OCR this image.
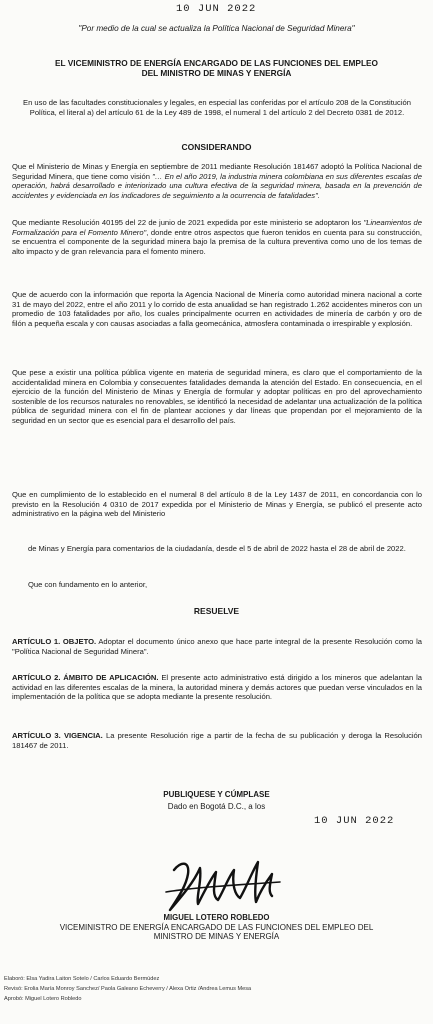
10 JUN 2022
"Por medio de la cual se actualiza la Política Nacional de Seguridad Minera"
EL VICEMINISTRO DE ENERGÍA ENCARGADO DE LAS FUNCIONES DEL EMPLEO
DEL MINISTRO DE MINAS Y ENERGÍA
En uso de las facultades constitucionales y legales, en especial las conferidas por el artículo 208 de la Constitución Política, el literal a) del artículo 61 de la Ley 489 de 1998, el numeral 1 del artículo 2 del Decreto 0381 de 2012.
CONSIDERANDO
Que el Ministerio de Minas y Energía en septiembre de 2011 mediante Resolución 181467 adoptó la Política Nacional de Seguridad Minera, que tiene como visión "… En el año 2019, la industria minera colombiana en sus diferentes escalas de operación, habrá desarrollado e interiorizado una cultura efectiva de la seguridad minera, basada en la prevención de accidentes y evidenciada en los indicadores de seguimiento a la ocurrencia de fatalidades".
Que mediante Resolución 40195 del 22 de junio de 2021 expedida por este ministerio se adoptaron los "Lineamientos de Formalización para el Fomento Minero", donde entre otros aspectos que fueron tenidos en cuenta para su construcción, se encuentra el componente de la seguridad minera bajo la premisa de la cultura preventiva como uno de los temas de alto impacto y de gran relevancia para el fomento minero.
Que de acuerdo con la información que reporta la Agencia Nacional de Minería como autoridad minera nacional a corte 31 de mayo del 2022, entre el año 2011 y lo corrido de esta anualidad se han registrado 1.262 accidentes mineros con un promedio de 103 fatalidades por año, los cuales principalmente ocurren en actividades de minería de carbón y oro de filón a pequeña escala y con causas asociadas a falla geomecánica, atmosfera contaminada o irrespirable y explosión.
Que pese a existir una política pública vigente en materia de seguridad minera, es claro que el comportamiento de la accidentalidad minera en Colombia y consecuentes fatalidades demanda la atención del Estado. En consecuencia, en el ejercicio de la función del Ministerio de Minas y Energía de formular y adoptar políticas en pro del aprovechamiento sostenible de los recursos naturales no renovables, se identificó la necesidad de adelantar una actualización de la política pública de seguridad minera con el fin de plantear acciones y dar líneas que propendan por el mejoramiento de la seguridad en un sector que es esencial para el desarrollo del país.
Que en cumplimiento de lo establecido en el numeral 8 del artículo 8 de la Ley 1437 de 2011, en concordancia con lo previsto en la Resolución 4 0310 de 2017 expedida por el Ministerio de Minas y Energía, se publicó el presente acto administrativo en la página web del Ministerio
de Minas y Energía para comentarios de la ciudadanía, desde el 5 de abril de 2022 hasta el 28 de abril de 2022.
Que con fundamento en lo anterior,
RESUELVE
ARTÍCULO 1. OBJETO. Adoptar el documento único anexo que hace parte integral de la presente Resolución como la "Política Nacional de Seguridad Minera".
ARTÍCULO 2. ÁMBITO DE APLICACIÓN. El presente acto administrativo está dirigido a los mineros que adelantan la actividad en las diferentes escalas de la minera, la autoridad minera y demás actores que puedan verse vinculados en la implementación de la política que se adopta mediante la presente resolución.
ARTÍCULO 3. VIGENCIA. La presente Resolución rige a partir de la fecha de su publicación y deroga la Resolución 181467 de 2011.
PUBLIQUESE Y CÚMPLASE
Dado en Bogotá D.C., a los
10 JUN 2022
MIGUEL LOTERO ROBLEDO
VICEMINISTRO DE ENERGÍA ENCARGADO DE LAS FUNCIONES DEL EMPLEO DEL
MINISTRO DE MINAS Y ENERGÍA
Elaboró: Elsa Yadira Laiton Sotelo / Carlos Eduardo Bermúdez
Revisó: Erolia María Monroy Sanchez/ Paola Galeano Echeverry / Alexa Ortiz /Andrea Lemus Mesa
Aprobó: Miguel Lotero Robledo
